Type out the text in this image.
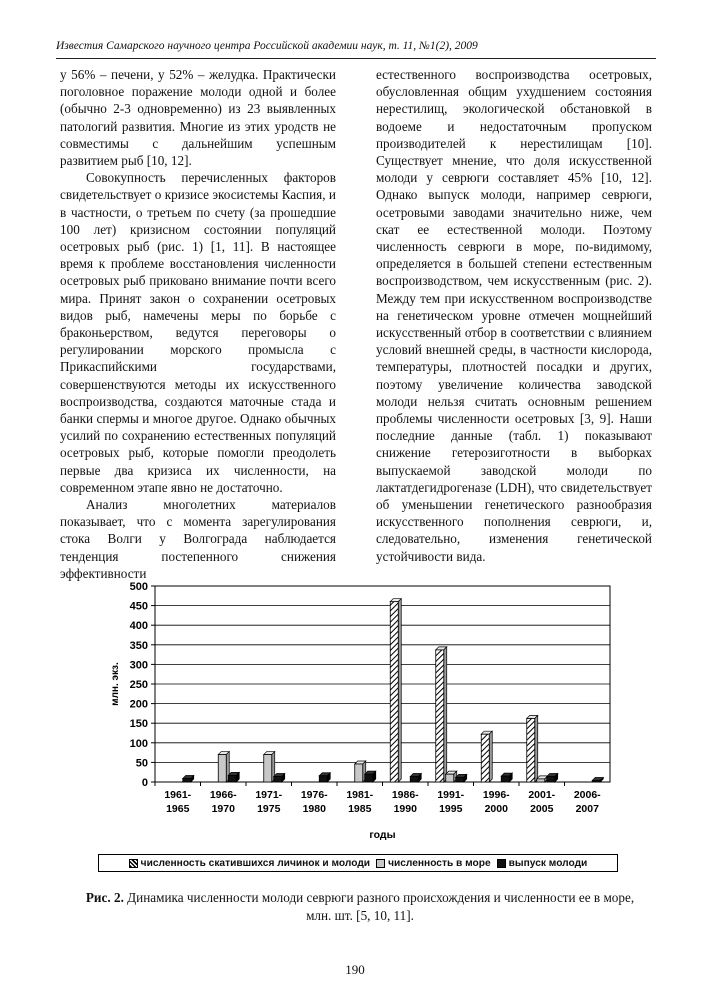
Известия Самарского научного центра Российской академии наук, т. 11, №1(2), 2009

у 56% – печени, у 52% – желудка. Практически поголовное поражение молоди одной и более (обычно 2-3 одновременно) из 23 выявленных патологий развития. Многие из этих уродств не совместимы с дальнейшим успешным развитием рыб [10, 12].

Совокупность перечисленных факторов свидетельствует о кризисе экосистемы Каспия, и в частности, о третьем по счету (за прошедшие 100 лет) кризисном состоянии популяций осетровых рыб (рис. 1) [1, 11]. В настоящее время к проблеме восстановления численности осетровых рыб приковано внимание почти всего мира. Принят закон о сохранении осетровых видов рыб, намечены меры по борьбе с браконьерством, ведутся переговоры о регулировании морского промысла с Прикаспийскими государствами, совершенствуются методы их искусственного воспроизводства, создаются маточные стада и банки спермы и многое другое. Однако обычных усилий по сохранению естественных популяций осетровых рыб, которые помогли преодолеть первые два кризиса их численности, на современном этапе явно не достаточно.

Анализ многолетних материалов показывает, что с момента зарегулирования стока Волги у Волгограда наблюдается тенденция постепенного снижения эффективности

естественного воспроизводства осетровых, обусловленная общим ухудшением состояния нерестилищ, экологической обстановкой в водоеме и недостаточным пропуском производителей к нерестилищам [10]. Существует мнение, что доля искусственной молоди у севрюги составляет 45% [10, 12]. Однако выпуск молоди, например севрюги, осетровыми заводами значительно ниже, чем скат ее естественной молоди. Поэтому численность севрюги в море, по-видимому, определяется в большей степени естественным воспроизводством, чем искусственным (рис. 2). Между тем при искусственном воспроизводстве на генетическом уровне отмечен мощнейший искусственный отбор в соответствии с влиянием условий внешней среды, в частности кислорода, температуры, плотностей посадки и других, поэтому увеличение количества заводской молоди нельзя считать основным решением проблемы численности осетровых [3, 9]. Наши последние данные (табл. 1) показывают снижение гетерозиготности в выборках выпускаемой заводской молоди по лактатдегидрогеназе (LDH), что свидетельствует об уменьшении генетического разнообразия искусственного пополнения севрюги, и, следовательно, изменения генетической устойчивости вида.

0
50
100
150
200
250
300
350
400
450
500
млн. экз.
1961-
1965
1966-
1970
1971-
1975
1976-
1980
1981-
1985
1986-
1990
1991-
1995
1996-
2000
2001-
2005
2006-
2007
годы
численность скатившихся личинок и молоди численность в море выпуск молоди
Рис. 2. Динамика численности молоди севрюги разного происхождения и численности ее в море, млн. шт. [5, 10, 11].
190
